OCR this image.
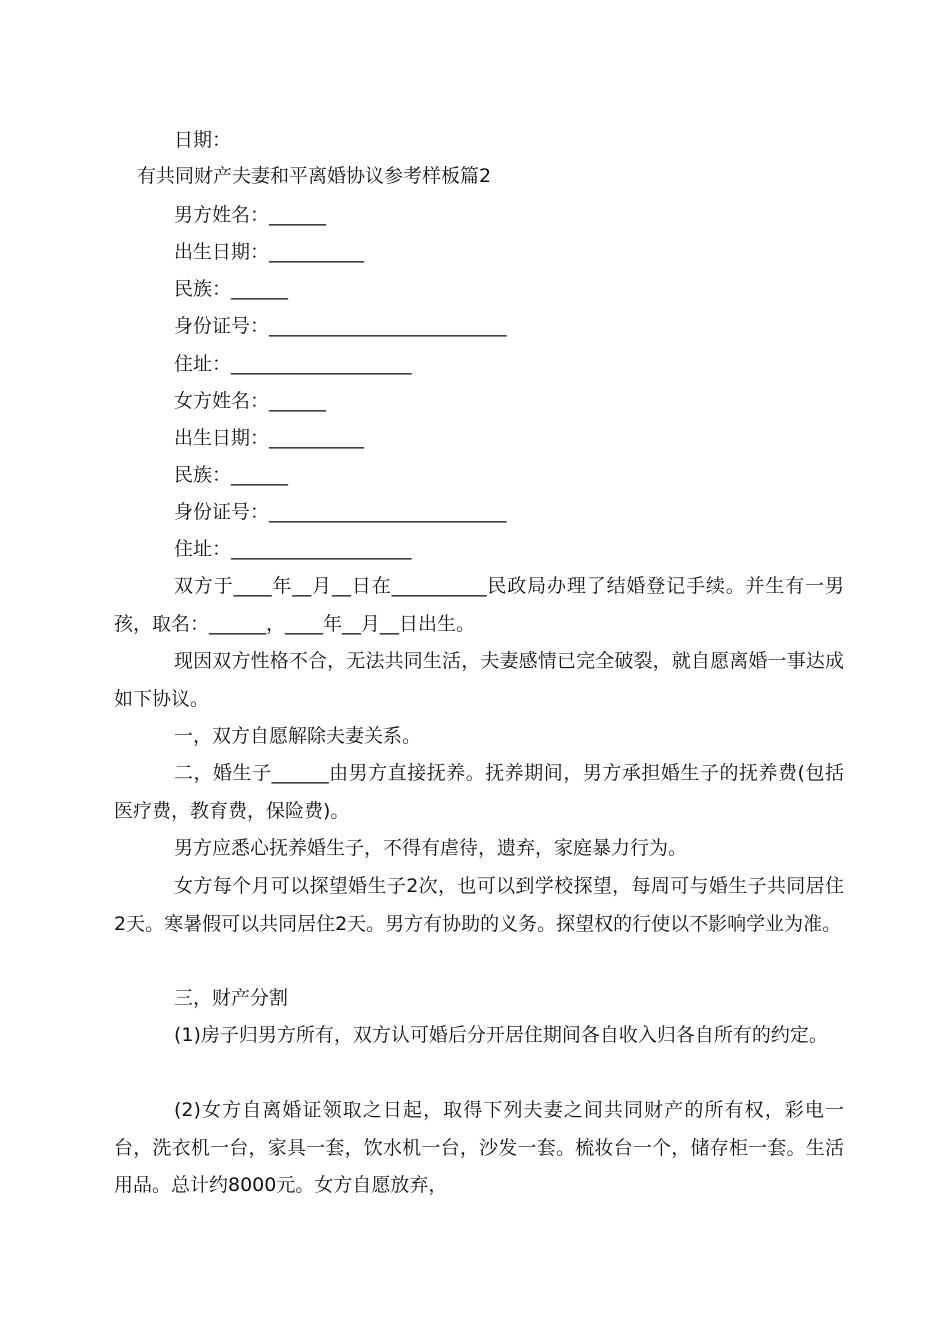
日期：
有共同财产夫妻和平离婚协议参考样板篇2
男方姓名：______
出生日期：__________
民族：______
身份证号：_________________________
住址：___________________
女方姓名：______
出生日期：__________
民族：______
身份证号：_________________________
住址：___________________
双方于____年__月__日在__________民政局办理了结婚登记手续。并生有一男孩，取名：______，____年__月__日出生。
现因双方性格不合，无法共同生活，夫妻感情已完全破裂，就自愿离婚一事达成如下协议。
一，双方自愿解除夫妻关系。
二，婚生子______由男方直接抚养。抚养期间，男方承担婚生子的抚养费(包括医疗费，教育费，保险费)。
男方应悉心抚养婚生子，不得有虐待，遗弃，家庭暴力行为。
女方每个月可以探望婚生子2次，也可以到学校探望，每周可与婚生子共同居住2天。寒暑假可以共同居住2天。男方有协助的义务。探望权的行使以不影响学业为准。
三，财产分割
(1)房子归男方所有，双方认可婚后分开居住期间各自收入归各自所有的约定。
(2)女方自离婚证领取之日起，取得下列夫妻之间共同财产的所有权，彩电一台，洗衣机一台，家具一套，饮水机一台，沙发一套。梳妆台一个，储存柜一套。生活用品。总计约8000元。女方自愿放弃，
